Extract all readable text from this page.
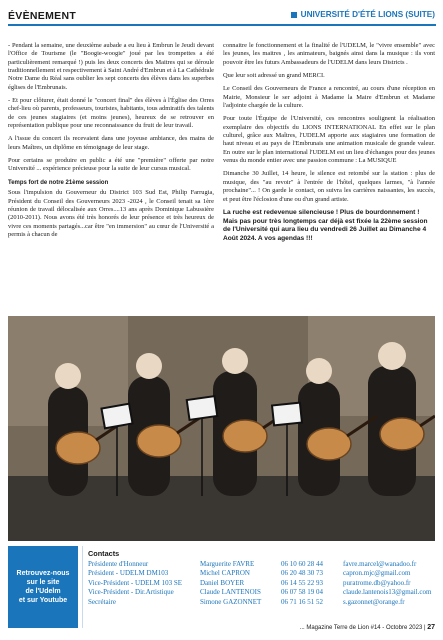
ÉVÈNEMENT	UNIVERSITÉ D'ÉTÉ LIONS (SUITE)

- Pendant la semaine, une deuxième aubade a eu lieu à Embrun le Jeudi devant l'Office de Tourisme (le "Boogie-woogie" joué par les trompettes a été particulièrement remarqué !) puis les deux concerts des Maitres qui se déroule traditionnellement et respectivement à Saint André d'Embrun et à La Cathédrale Notre Dame du Réal sans oublier les sept concerts des élèves dans les superbes églises de l'Embrunais.

- Et pour clôturer, était donné le "concert final" des élèves à l'Église des Orres chef-lieu où parents, professeurs, touristes, habitants, tous admiratifs des talents de ces jeunes stagiaires (et moins jeunes), heureux de se retrouver en représentation publique pour une reconnaissance du fruit de leur travail.

A l'issue du concert ils recevaient dans une joyeuse ambiance, des mains de leurs Maîtres, un diplôme en témoignage de leur stage.

Pour certains se produire en public a été une "première" offerte par notre Université ... expérience précieuse pour la suite de leur cursus musical.

Temps fort de notre 21ème session

Sous l'impulsion du Gouverneur du District 103 Sud Est, Philip Farrugia, Président du Conseil des Gouverneurs 2023 -2024 , le Conseil tenait sa 1ère réunion de travail délocalisée aux Orres....13 ans après Dominique Labussière (2010-2011). Nous avons été très honorés de leur présence et très heureux de vivre ces moments partagés...car être "en immersion" au cœur de l'Université a permis à chacun de

connaitre le fonctionnement et la finalité de l'UDELM, le "vivre ensemble" avec les jeunes, les maitres , les animateurs, baignés ainsi dans la musique : ils vont pouvoir être les futurs Ambassadeurs de l'UDELM dans leurs Districts .

Que leur soit adressé un grand MERCI.

Le Conseil des Gouverneurs de France a rencontré, au cours d'une réception en Mairie, Monsieur le ser adjoint à Madame la Maire d'Embrun et Madame l'adjointe chargée de la culture.

Pour toute l'Équipe de l'Université, ces rencontres soulignent la réalisation exemplaire des objectifs du LIONS INTERNATIONAL En effet sur le plan culturel, grâce aux Maîtres, l'UDELM apporte aux stagiaires une formation de haut niveau et au pays de l'Embrunais une animation musicale de grande valeur. En outre sur le plan international l'UDELM est un lieu d'échanges pour des jeunes venus du monde entier avec une passion commune : La MUSIQUE

Dimanche 30 Juillet, 14 heure, le silence est retombé sur la station : plus de musique, des "au revoir" à l'entrée de l'hôtel, quelques larmes, "à l'année prochaine"... ! On garde le contact, on suivra les carrières naissantes, les succès, et peut être l'éclosion d'une ou d'un grand artiste.

La ruche est redevenue silencieuse ! Plus de bourdonnement ! Mais pas pour très longtemps car déjà est fixée la 22ème session de l'Université qui aura lieu du vendredi 26 Juillet au Dimanche 4 Août 2024. A vos agendas !!!
Retrouvez-nous
sur le site
de l'Udelm
et sur Youtube
Contacts
Présidente d'Honneur	Marguerite FAVRE	06 10 60 28 44	favre.marcel@wanadoo.fr
Président - UDELM DM103	Michel CAPRON	06 20 48 30 73	capron.mjc@gmail.com
Vice-Président - UDELM 103 SE	Daniel BOYER	06 14 55 22 93	puratrome.db@yahoo.fr
Vice-Président - Dir.Artistique	Claude LANTENOIS	06 07 58 19 04	claude.lantenois13@gmail.com
Secrétaire	Simone GAZONNET	06 71 16 51 52	s.gazonnet@orange.fr
... Magazine Terre de Lion #14 - Octobre 2023 | 27
